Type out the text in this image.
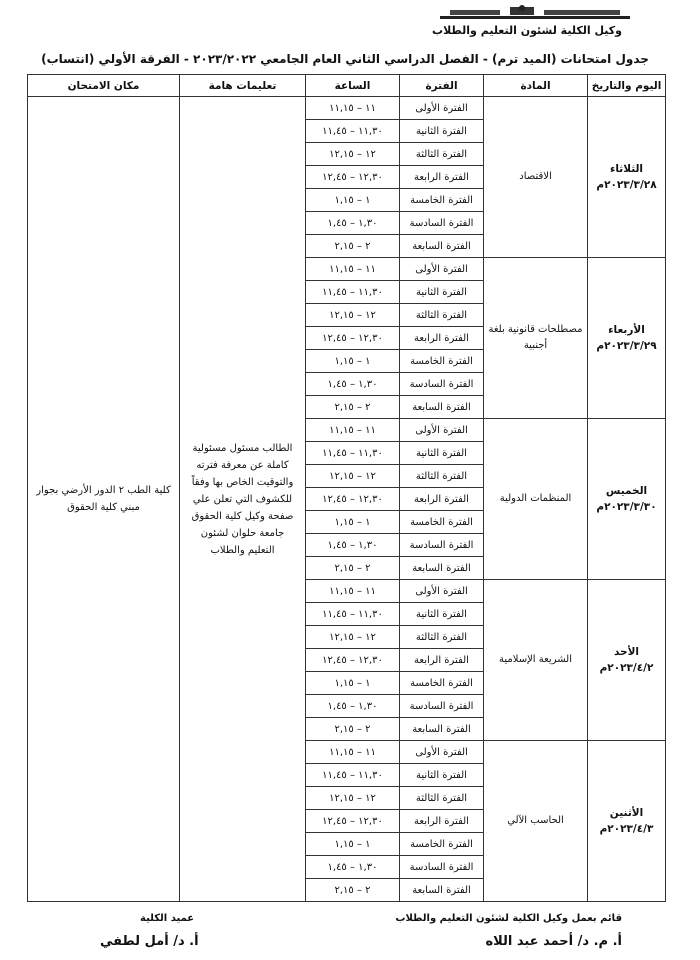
وكيل الكلية لشئون التعليم والطلاب
جدول امتحانات (الميد ترم) - الفصل الدراسي الثاني العام الجامعي ٢٠٢٣/٢٠٢٢ - الفرقة الأولي (انتساب)
اليوم والتاريخ	المادة	الفترة	الساعة	تعليمات هامة	مكان الامتحان

الثلاثاء
٢٠٢٣/٣/٢٨م	الاقتصاد	الفترة الأولى	١١ – ١١,١٥	الطالب مسئول مسئولية كاملة عن معرفة فترته والتوقيت الخاص بها وفقاً للكشوف التي تعلن علي صفحة وكيل كلية الحقوق جامعة حلوان لشئون التعليم والطلاب	كلية الطب ٢ الدور الأرضي بجوار مبني كلية الحقوق
		الفترة الثانية	١١,٣٠ – ١١,٤٥		
		الفترة الثالثة	١٢ – ١٢,١٥		
		الفترة الرابعة	١٢,٣٠ – ١٢,٤٥		
		الفترة الخامسة	١ – ١,١٥		
		الفترة السادسة	١,٣٠ – ١,٤٥		
		الفترة السابعة	٢ – ٢,١٥		

الأربعاء
٢٠٢٣/٣/٢٩م	مصطلحات قانونية بلغة أجنبية	الفترة الأولى	١١ – ١١,١٥		
		الفترة الثانية	١١,٣٠ – ١١,٤٥		
		الفترة الثالثة	١٢ – ١٢,١٥		
		الفترة الرابعة	١٢,٣٠ – ١٢,٤٥		
		الفترة الخامسة	١ – ١,١٥		
		الفترة السادسة	١,٣٠ – ١,٤٥		
		الفترة السابعة	٢ – ٢,١٥		

الخميس
٢٠٢٣/٣/٣٠م	المنظمات الدولية	الفترة الأولى	١١ – ١١,١٥		
		الفترة الثانية	١١,٣٠ – ١١,٤٥		
		الفترة الثالثة	١٢ – ١٢,١٥		
		الفترة الرابعة	١٢,٣٠ – ١٢,٤٥		
		الفترة الخامسة	١ – ١,١٥		
		الفترة السادسة	١,٣٠ – ١,٤٥		
		الفترة السابعة	٢ – ٢,١٥		

الأحد
٢٠٢٣/٤/٢م	الشريعة الإسلامية	الفترة الأولى	١١ – ١١,١٥		
		الفترة الثانية	١١,٣٠ – ١١,٤٥		
		الفترة الثالثة	١٢ – ١٢,١٥		
		الفترة الرابعة	١٢,٣٠ – ١٢,٤٥		
		الفترة الخامسة	١ – ١,١٥		
		الفترة السادسة	١,٣٠ – ١,٤٥		
		الفترة السابعة	٢ – ٢,١٥		

الأثنين
٢٠٢٣/٤/٣م	الحاسب الآلي	الفترة الأولى	١١ – ١١,١٥		
		الفترة الثانية	١١,٣٠ – ١١,٤٥		
		الفترة الثالثة	١٢ – ١٢,١٥		
		الفترة الرابعة	١٢,٣٠ – ١٢,٤٥		
		الفترة الخامسة	١ – ١,١٥		
		الفترة السادسة	١,٣٠ – ١,٤٥		
		الفترة السابعة	٢ – ٢,١٥		
قائم بعمل وكيل الكلية لشئون التعليم والطلاب
أ. م. د/ أحمد عبد اللاه
عميد الكلية
أ. د/ أمل لطفي
